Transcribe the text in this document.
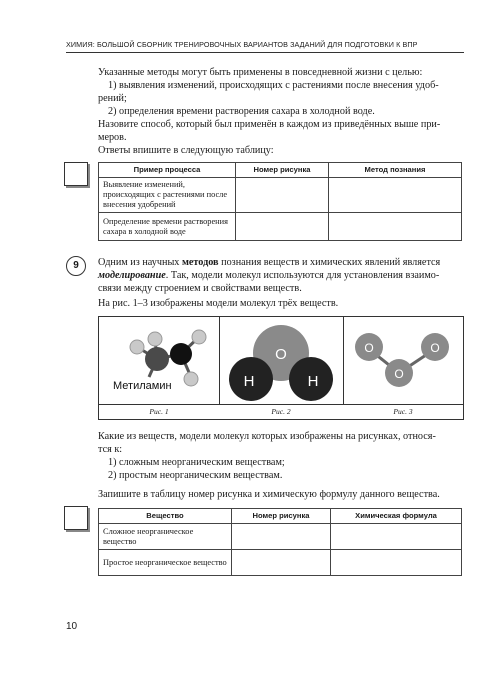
ХИМИЯ: БОЛЬШОЙ СБОРНИК ТРЕНИРОВОЧНЫХ ВАРИАНТОВ ЗАДАНИЙ ДЛЯ ПОДГОТОВКИ К ВПР
Указанные методы могут быть применены в повседневной жизни с целью:
1) выявления изменений, происходящих с растениями после внесения удоб-
рений;
2) определения времени растворения сахара в холодной воде.
Назовите способ, который был применён в каждом из приведённых выше при-
меров.
Ответы впишите в следующую таблицу:
Пример процесса	Номер рисунка	Метод познания
Выявление изменений, происходящих с растениями после внесения удобрений		
Определение времени растворения сахара в холодной воде		
9	Одним из научных методов познания веществ и химических явлений является
моделирование. Так, модели молекул используются для установления взаимо-
связи между строением и свойствами веществ.
На рис. 1–3 изображены модели молекул трёх веществ.
Метиламин
Рис. 1
O
H	H
Рис. 2
O
O
O
Рис. 3
Какие из веществ, модели молекул которых изображены на рисунках, относя-
тся к:
1) сложным неорганическим веществам;
2) простым неорганическим веществам.
Запишите в таблицу номер рисунка и химическую формулу данного вещества.
Вещество	Номер рисунка	Химическая формула
Сложное неорганическое вещество		
Простое неорганическое вещество		
10
